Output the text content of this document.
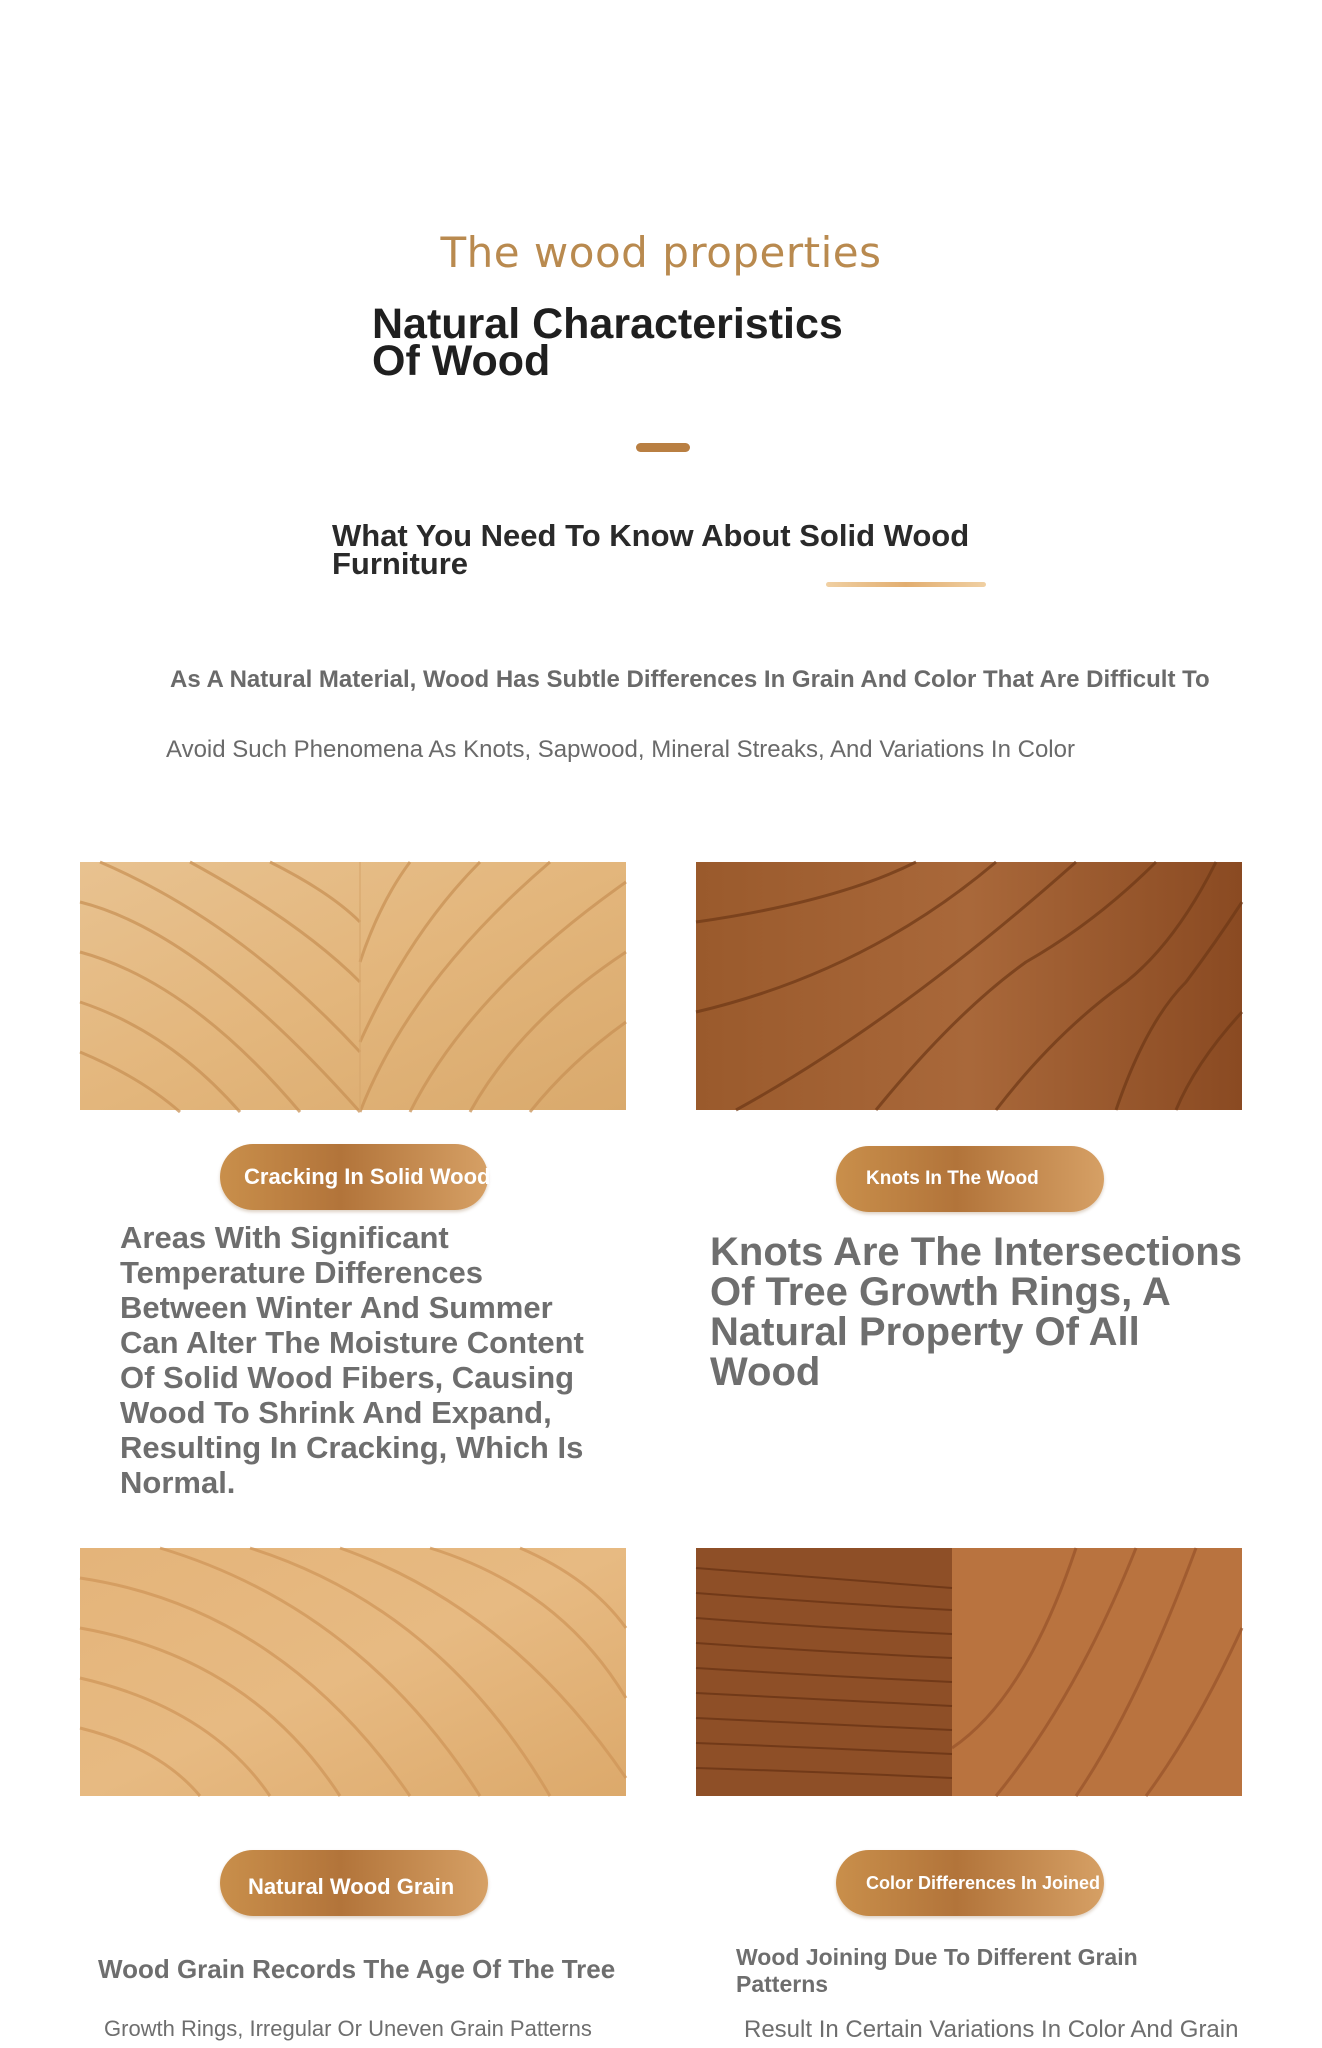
The wood properties
Natural Characteristics Of Wood
What You Need To Know About Solid Wood Furniture
As A Natural Material, Wood Has Subtle Differences In Grain And Color That Are Difficult To
Avoid Such Phenomena As Knots, Sapwood, Mineral Streaks, And Variations In Color
Cracking In Solid Wood
Areas With Significant Temperature Differences Between Winter And Summer Can Alter The Moisture Content Of Solid Wood Fibers, Causing Wood To Shrink And Expand, Resulting In Cracking, Which Is Normal.
Knots In The Wood
Knots Are The Intersections Of Tree Growth Rings, A Natural Property Of All Wood
Natural Wood Grain
Wood Grain Records The Age Of The Tree
Growth Rings, Irregular Or Uneven Grain Patterns
Color Differences In Joined Pieces
Wood Joining Due To Different Grain Patterns
Result In Certain Variations In Color And Grain
